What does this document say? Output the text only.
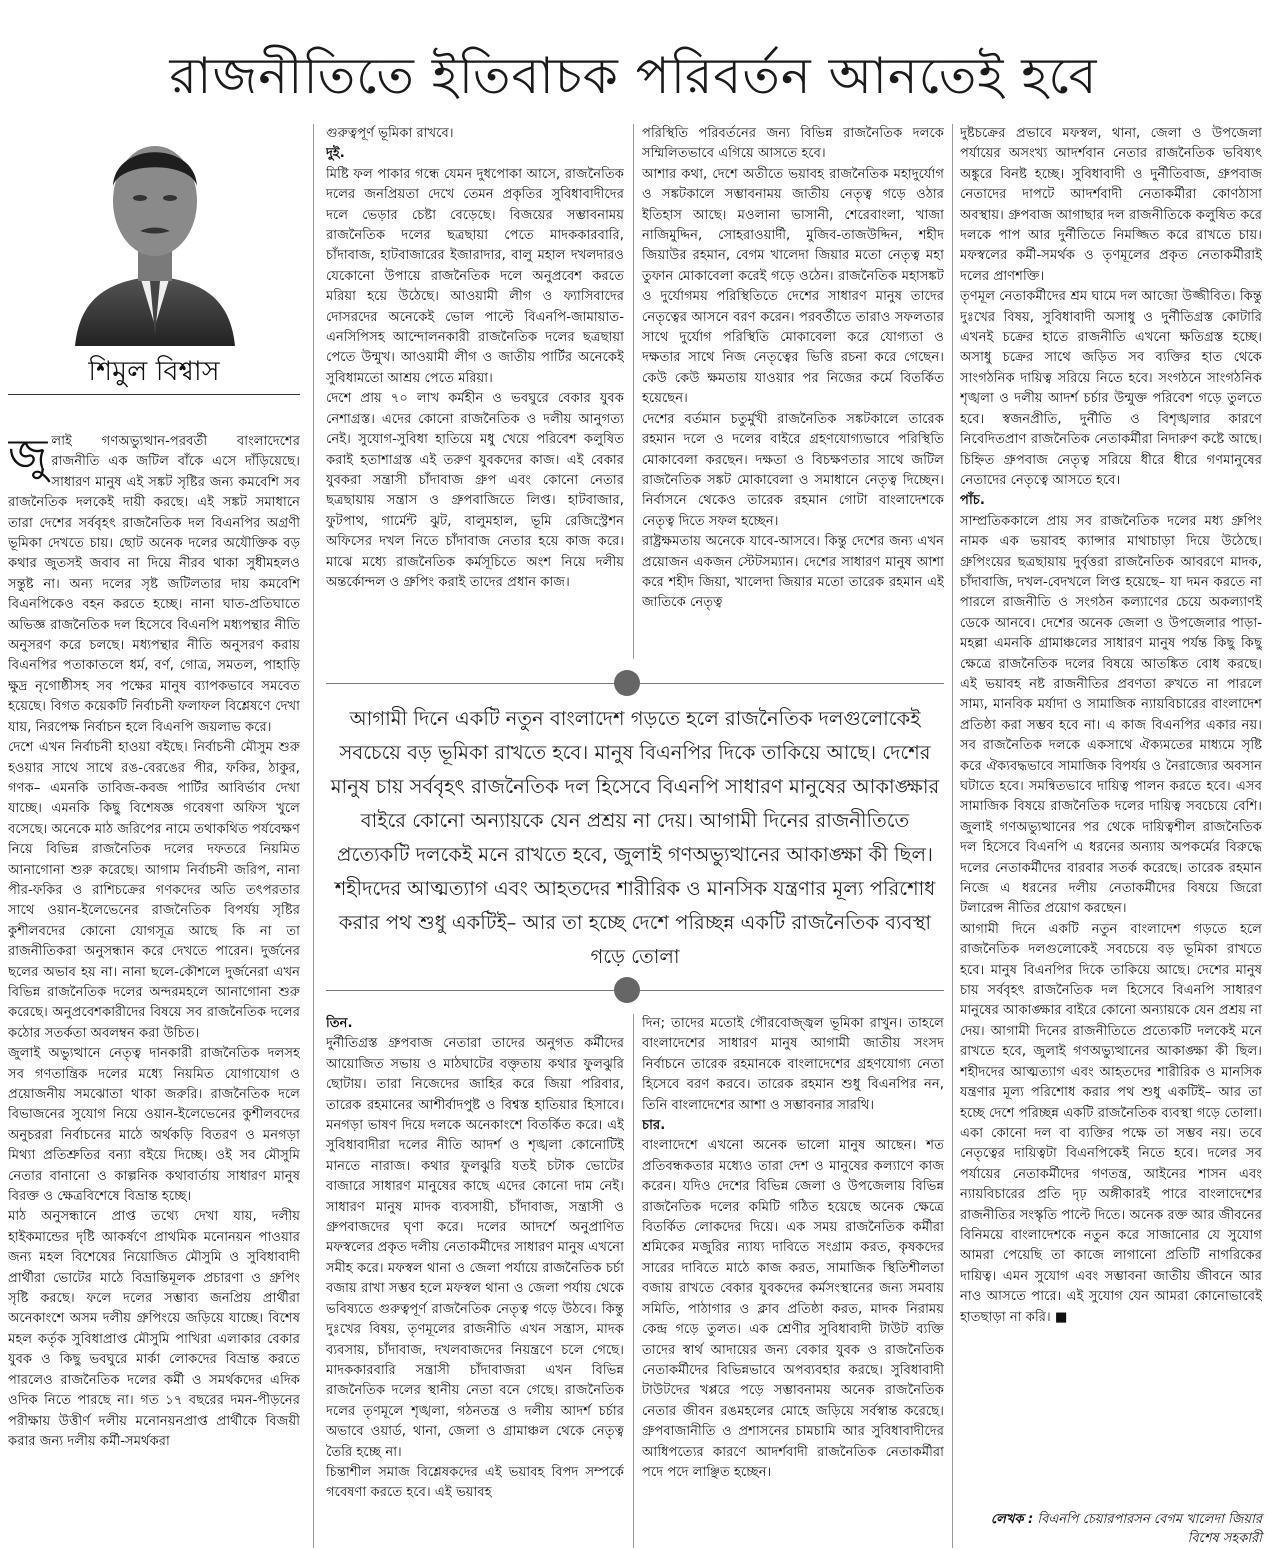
রাজনীতিতে ইতিবাচক পরিবর্তন আনতেই হবে
শিমুল বিশ্বাস

জুলাই গণঅভ্যুত্থান-পরবর্তী বাংলাদেশের রাজনীতি এক জটিল বাঁকে এসে দাঁড়িয়েছে। সাধারণ মানুষ এই সঙ্কট সৃষ্টির জন্য কমবেশি সব রাজনৈতিক দলকেই দায়ী করছে। এই সঙ্কট সমাধানে তারা দেশের সর্ববৃহৎ রাজনৈতিক দল বিএনপির অগ্রণী ভূমিকা দেখতে চায়। ছোট অনেক দলের অযৌক্তিক বড় কথার জুতসই জবাব না দিয়ে নীরব থাকা সুধীমহলও সন্তুষ্ট না। অন্য দলের সৃষ্ট জটিলতার দায় কমবেশি বিএনপিকেও বহন করতে হচ্ছে। নানা ঘাত-প্রতিঘাতে অভিজ্ঞ রাজনৈতিক দল হিসেবে বিএনপি মধ্যপন্থার নীতি অনুসরণ করে চলছে। মধ্যপন্থার নীতি অনুসরণ করায় বিএনপির পতাকাতলে ধর্ম, বর্ণ, গোত্র, সমতল, পাহাড়ি ক্ষুদ্র নৃগোষ্ঠীসহ সব পক্ষের মানুষ ব্যাপকভাবে সমবেত হয়েছে। বিগত কয়েকটি নির্বাচনী ফলাফল বিশ্লেষণে দেখা যায়, নিরপেক্ষ নির্বাচন হলে বিএনপি জয়লাভ করে।

দেশে এখন নির্বাচনী হাওয়া বইছে। নির্বাচনী মৌসুম শুরু হওয়ার সাথে সাথে রঙ-বেরঙের পীর, ফকির, ঠাকুর, গণক– এমনকি তাবিজ-কবজ পার্টির আবির্ভাব দেখা যাচ্ছে। এমনকি কিছু বিশেষজ্ঞ গবেষণা অফিস খুলে বসেছে। অনেকে মাঠ জরিপের নামে তথাকথিত পর্যবেক্ষণ নিয়ে বিভিন্ন রাজনৈতিক দলের দফতরে নিয়মিত আনাগোনা শুরু করেছে। আগাম নির্বাচনী জরিপ, নানা পীর-ফকির ও রাশিচক্রের গণকদের অতি তৎপরতার সাথে ওয়ান-ইলেভেনের রাজনৈতিক বিপর্যয় সৃষ্টির কুশীলবদের কোনো যোগসূত্র আছে কি না তা রাজনীতিকরা অনুসন্ধান করে দেখতে পারেন। দুর্জনের ছলের অভাব হয় না। নানা ছলে-কৌশলে দুর্জনেরা এখন বিভিন্ন রাজনৈতিক দলের অন্দরমহলে আনাগোনা শুরু করেছে। অনুপ্রবেশকারীদের বিষয়ে সব রাজনৈতিক দলের কঠোর সতর্কতা অবলম্বন করা উচিত।

জুলাই অভ্যুত্থানে নেতৃত্ব দানকারী রাজনৈতিক দলসহ সব গণতান্ত্রিক দলের মধ্যে নিয়মিত যোগাযোগ ও প্রয়োজনীয় সমঝোতা থাকা জরুরি। রাজনৈতিক দলে বিভাজনের সুযোগ নিয়ে ওয়ান-ইলেভেনের কুশীলবদের অনুচররা নির্বাচনের মাঠে অর্থকড়ি বিতরণ ও মনগড়া মিথ্যা প্রতিশ্রুতির বন্যা বইয়ে দিচ্ছে। ওই সব মৌসুমি নেতার বানানো ও কাল্পনিক কথাবার্তায় সাধারণ মানুষ বিরক্ত ও ক্ষেত্রবিশেষে বিভ্রান্ত হচ্ছে।

মাঠ অনুসন্ধানে প্রাপ্ত তথ্যে দেখা যায়, দলীয় হাইকমান্ডের দৃষ্টি আকর্ষণে প্রাথমিক মনোনয়ন পাওয়ার জন্য মহল বিশেষের নিয়োজিত মৌসুমি ও সুবিধাবাদী প্রার্থীরা ভোটের মাঠে বিভ্রান্তিমূলক প্রচারণা ও গ্রুপিং সৃষ্টি করছে। ফলে দলের সম্ভাব্য জনপ্রিয় প্রার্থীরা অনেকাংশে অসম দলীয় গ্রুপিংয়ে জড়িয়ে যাচ্ছে। বিশেষ মহল কর্তৃক সুবিধাপ্রাপ্ত মৌসুমি পাখিরা এলাকার বেকার যুবক ও কিছু ভবঘুরে মার্কা লোকদের বিভ্রান্ত করতে পারলেও রাজনৈতিক দলের কর্মী ও সমর্থকদের এদিক ওদিক নিতে পারছে না। গত ১৭ বছরের দমন-পীড়নের পরীক্ষায় উত্তীর্ণ দলীয় মনোনয়নপ্রাপ্ত প্রার্থীকে বিজয়ী করার জন্য দলীয় কর্মী-সমর্থকরা

গুরুত্বপূর্ণ ভূমিকা রাখবে।

দুই.

মিষ্টি ফল পাকার গন্ধে যেমন দুধপোকা আসে, রাজনৈতিক দলের জনপ্রিয়তা দেখে তেমন প্রকৃতির সুবিধাবাদীদের দলে ভেড়ার চেষ্টা বেড়েছে। বিজয়ের সম্ভাবনাময় রাজনৈতিক দলের ছত্রছায়া পেতে মাদককারবারি, চাঁদাবাজ, হাটবাজারের ইজারাদার, বালু মহাল দখলদারও যেকোনো উপায়ে রাজনৈতিক দলে অনুপ্রবেশ করতে মরিয়া হয়ে উঠেছে। আওয়ামী লীগ ও ফ্যাসিবাদের দোসরদের অনেকেই ভোল পাল্টে বিএনপি-জামায়াত-এনসিপিসহ আন্দোলনকারী রাজনৈতিক দলের ছত্রছায়া পেতে উন্মুখ। আওয়ামী লীগ ও জাতীয় পার্টির অনেকেই সুবিধামতো আশ্রয় পেতে মরিয়া।

দেশে প্রায় ৭০ লাখ কর্মহীন ও ভবঘুরে বেকার যুবক নেশাগ্রস্ত। এদের কোনো রাজনৈতিক ও দলীয় আনুগত্য নেই। সুযোগ-সুবিধা হাতিয়ে মধু খেয়ে পরিবেশ কলুষিত করাই হতাশাগ্রস্ত এই তরুণ যুবকদের কাজ। এই বেকার যুবকরা সন্ত্রাসী চাঁদাবাজ গ্রুপ এবং কোনো নেতার ছত্রছায়ায় সন্ত্রাস ও গ্রুপবাজিতে লিপ্ত। হাটবাজার, ফুটপাথ, গার্মেন্ট ঝুট, বালুমহাল, ভূমি রেজিস্ট্রেশন অফিসের দখল নিতে চাঁদাবাজ নেতার হয়ে কাজ করে। মাঝে মধ্যে রাজনৈতিক কর্মসূচিতে অংশ নিয়ে দলীয় অন্তর্কোন্দল ও গ্রুপিং করাই তাদের প্রধান কাজ।

পরিস্থিতি পরিবর্তনের জন্য বিভিন্ন রাজনৈতিক দলকে সম্মিলিতভাবে এগিয়ে আসতে হবে।

আশার কথা, দেশে অতীতে ভয়াবহ রাজনৈতিক মহাদুর্যোগ ও সঙ্কটকালে সম্ভাবনাময় জাতীয় নেতৃত্ব গড়ে ওঠার ইতিহাস আছে। মওলানা ভাসানী, শেরেবাংলা, খাজা নাজিমুদ্দিন, সোহরাওয়ার্দী, মুজিব-তাজউদ্দিন, শহীদ জিয়াউর রহমান, বেগম খালেদা জিয়ার মতো নেতৃত্ব মহা তুফান মোকাবেলা করেই গড়ে ওঠেন। রাজনৈতিক মহাসঙ্কট ও দুর্যোগময় পরিস্থিতিতে দেশের সাধারণ মানুষ তাদের নেতৃত্বের আসনে বরণ করেন। পরবর্তীতে তারাও সফলতার সাথে দুর্যোগ পরিস্থিতি মোকাবেলা করে যোগ্যতা ও দক্ষতার সাথে নিজ নেতৃত্বের ভিত্তি রচনা করে গেছেন। কেউ কেউ ক্ষমতায় যাওয়ার পর নিজের কর্মে বিতর্কিত হয়েছেন।

দেশের বর্তমান চতুর্মুখী রাজনৈতিক সঙ্কটকালে তারেক রহমান দলে ও দলের বাইরে গ্রহণযোগ্যভাবে পরিস্থিতি মোকাবেলা করছেন। দক্ষতা ও বিচক্ষণতার সাথে জটিল রাজনৈতিক সঙ্কট মোকাবেলা ও সমাধানে নেতৃত্ব দিচ্ছেন। নির্বাসনে থেকেও তারেক রহমান গোটা বাংলাদেশকে নেতৃত্ব দিতে সফল হচ্ছেন।

রাষ্ট্রক্ষমতায় অনেকে যাবে-আসবে। কিন্তু দেশের জন্য এখন প্রয়োজন একজন স্টেটসম্যান। দেশের সাধারণ মানুষ আশা করে শহীদ জিয়া, খালেদা জিয়ার মতো তারেক রহমান এই জাতিকে নেতৃত্ব

আগামী দিনে একটি নতুন বাংলাদেশ গড়তে হলে রাজনৈতিক দলগুলোকেই সবচেয়ে বড় ভূমিকা রাখতে হবে। মানুষ বিএনপির দিকে তাকিয়ে আছে। দেশের মানুষ চায় সর্ববৃহৎ রাজনৈতিক দল হিসেবে বিএনপি সাধারণ মানুষের আকাঙ্ক্ষার বাইরে কোনো অন্যায়কে যেন প্রশ্রয় না দেয়। আগামী দিনের রাজনীতিতে প্রত্যেকটি দলকেই মনে রাখতে হবে, জুলাই গণঅভ্যুত্থানের আকাঙ্ক্ষা কী ছিল। শহীদদের আত্মত্যাগ এবং আহতদের শারীরিক ও মানসিক যন্ত্রণার মূল্য পরিশোধ করার পথ শুধু একটিই– আর তা হচ্ছে দেশে পরিচ্ছন্ন একটি রাজনৈতিক ব্যবস্থা গড়ে তোলা

তিন.

দুর্নীতিগ্রস্ত গ্রুপবাজ নেতারা তাদের অনুগত কর্মীদের আয়োজিত সভায় ও মাঠঘাটের বক্তৃতায় কথার ফুলঝুরি ছোটায়। তারা নিজেদের জাহির করে জিয়া পরিবার, তারেক রহমানের আশীর্বাদপুষ্ট ও বিশ্বস্ত হাতিয়ার হিসাবে। মনগড়া ভাষণ দিয়ে দলকে অনেকাংশে বিতর্কিত করে। এই সুবিধাবাদীরা দলের নীতি আদর্শ ও শৃঙ্খলা কোনোটিই মানতে নারাজ। কথার ফুলঝুরি যতই চটাক ভোটের বাজারে সাধারণ মানুষের কাছে এদের কোনো দাম নেই। সাধারণ মানুষ মাদক ব্যবসায়ী, চাঁদাবাজ, সন্ত্রাসী ও গ্রুপবাজদের ঘৃণা করে। দলের আদর্শে অনুপ্রাণিত মফস্বলের প্রকৃত দলীয় নেতাকর্মীদের সাধারণ মানুষ এখনো সমীহ করে। মফস্বল থানা ও জেলা পর্যায়ে রাজনৈতিক চর্চা বজায় রাখা সম্ভব হলে মফস্বল থানা ও জেলা পর্যায় থেকে ভবিষ্যতে গুরুত্বপূর্ণ রাজনৈতিক নেতৃত্ব গড়ে উঠবে। কিন্তু দুঃখের বিষয়, তৃণমূলের রাজনীতি এখন সন্ত্রাস, মাদক ব্যবসায়, চাঁদাবাজ, দখলবাজদের নিয়ন্ত্রণে চলে গেছে। মাদককারবারি সন্ত্রাসী চাঁদাবাজরা এখন বিভিন্ন রাজনৈতিক দলের স্থানীয় নেতা বনে গেছে। রাজনৈতিক দলের তৃণমূলে শৃঙ্খলা, গঠনতন্ত্র ও দলীয় আদর্শ চর্চার অভাবে ওয়ার্ড, থানা, জেলা ও গ্রামাঞ্চল থেকে নেতৃত্ব তৈরি হচ্ছে না।

চিন্তাশীল সমাজ বিশ্লেষকদের এই ভয়াবহ বিপদ সম্পর্কে গবেষণা করতে হবে। এই ভয়াবহ

দিন; তাদের মতোই গৌরবোজ্জ্বল ভূমিকা রাখুন। তাহলে বাংলাদেশের সাধারণ মানুষ আগামী জাতীয় সংসদ নির্বাচনে তারেক রহমানকে বাংলাদেশের গ্রহণযোগ্য নেতা হিসেবে বরণ করবে। তারেক রহমান শুধু বিএনপির নন, তিনি বাংলাদেশের আশা ও সম্ভাবনার সারথি।

চার.

বাংলাদেশে এখনো অনেক ভালো মানুষ আছেন। শত প্রতিবন্ধকতার মধ্যেও তারা দেশ ও মানুষের কল্যাণে কাজ করেন। যদিও দেশের বিভিন্ন জেলা ও উপজেলায় বিভিন্ন রাজনৈতিক দলের কমিটি গঠিত হয়েছে অনেক ক্ষেত্রে বিতর্কিত লোকদের দিয়ে। এক সময় রাজনৈতিক কর্মীরা শ্রমিকের মজুরির ন্যায্য দাবিতে সংগ্রাম করত, কৃষকদের সারের দাবিতে মাঠে কাজ করত, সামাজিক স্থিতিশীলতা বজায় রাখতে বেকার যুবকদের কর্মসংস্থানের জন্য সমবায় সমিতি, পাঠাগার ও ক্লাব প্রতিষ্ঠা করত, মাদক নিরাময় কেন্দ্র গড়ে তুলত। এক শ্রেণীর সুবিধাবাদী টাউট ব্যক্তি তাদের স্বার্থ আদায়ের জন্য বেকার যুবক ও রাজনৈতিক নেতাকর্মীদের বিভিন্নভাবে অপব্যবহার করছে। সুবিধাবাদী টাউটদের খপ্পরে পড়ে সম্ভাবনাময় অনেক রাজনৈতিক নেতার জীবন রঙমহলের মোহে জড়িয়ে সর্বস্বান্ত করেছে। গ্রুপবাজানীতি ও প্রশাসনের চামচামি আর সুবিধাবাদীদের আধিপত্যের কারণে আদর্শবাদী রাজনৈতিক নেতাকর্মীরা পদে পদে লাঞ্ছিত হচ্ছেন।

দুষ্টচক্রের প্রভাবে মফস্বল, থানা, জেলা ও উপজেলা পর্যায়ের অসংখ্য আদর্শবান নেতার রাজনৈতিক ভবিষ্যৎ অঙ্কুরে বিনষ্ট হচ্ছে। সুবিধাবাদী ও দুর্নীতিবাজ, গ্রুপবাজ নেতাদের দাপটে আদর্শবাদী নেতাকর্মীরা কোণঠাসা অবস্থায়। গ্রুপবাজ আগাছার দল রাজনীতিকে কলুষিত করে দলকে পাপ আর দুর্নীতিতে নিমজ্জিত করে রাখতে চায়। মফস্বলের কর্মী-সমর্থক ও তৃণমূলের প্রকৃত নেতাকর্মীরাই দলের প্রাণশক্তি।

তৃণমূল নেতাকর্মীদের শ্রম ঘামে দল আজো উজ্জীবিত। কিন্তু দুঃখের বিষয়, সুবিধাবাদী অসাধু ও দুর্নীতিগ্রস্ত কোটারি এখনই চক্রের হাতে রাজনীতি এখনো ক্ষতিগ্রস্ত হচ্ছে। অসাধু চক্রের সাথে জড়িত সব ব্যক্তির হাত থেকে সাংগঠনিক দায়িত্ব সরিয়ে নিতে হবে। সংগঠনে সাংগঠনিক শৃঙ্খলা ও দলীয় আদর্শ চর্চার উন্মুক্ত পরিবেশ গড়ে তুলতে হবে। স্বজনপ্রীতি, দুর্নীতি ও বিশৃঙ্খলার কারণে নিবেদিতপ্রাণ রাজনৈতিক নেতাকর্মীরা নিদারুণ কষ্টে আছে। চিহ্নিত গ্রুপবাজ নেতৃত্ব সরিয়ে ধীরে ধীরে গণমানুষের নেতাদের নেতৃত্বে আসতে হবে।

পাঁচ.

সাম্প্রতিককালে প্রায় সব রাজনৈতিক দলের মধ্য গ্রুপিং নামক এক ভয়াবহ ক্যান্সার মাথাচাড়া দিয়ে উঠেছে। গ্রুপিংয়ের ছত্রছায়ায় দুর্বৃত্তরা রাজনৈতিক আবরণে মাদক, চাঁদাবাজি, দখল-বেদখলে লিপ্ত হয়েছে– যা দমন করতে না পারলে রাজনীতি ও সংগঠন কল্যাণের চেয়ে অকল্যাণই ডেকে আনবে। দেশের অনেক জেলা ও উপজেলার পাড়া-মহল্লা এমনকি গ্রামাঞ্চলের সাধারণ মানুষ পর্যন্ত কিছু কিছু ক্ষেত্রে রাজনৈতিক দলের বিষয়ে আতঙ্কিত বোধ করছে। এই ভয়াবহ নষ্ট রাজনীতির প্রবণতা রুখতে না পারলে সাম্য, মানবিক মর্যাদা ও সামাজিক ন্যায়বিচারের বাংলাদেশ প্রতিষ্ঠা করা সম্ভব হবে না। এ কাজ বিএনপির একার নয়। সব রাজনৈতিক দলকে একসাথে ঐক্যমতের মাধ্যমে সৃষ্টি করে ঐক্যবদ্ধভাবে সামাজিক বিপর্যয় ও নৈরাজ্যের অবসান ঘটাতে হবে। সমন্বিতভাবে দায়িত্ব পালন করতে হবে। এসব সামাজিক বিষয়ে রাজনৈতিক দলের দায়িত্ব সবচেয়ে বেশি। জুলাই গণঅভ্যুত্থানের পর থেকে দায়িত্বশীল রাজনৈতিক দল হিসেবে বিএনপি এ ধরনের অন্যায় অপকর্মের বিরুদ্ধে দলের নেতাকর্মীদের বারবার সতর্ক করেছে। তারেক রহমান নিজে এ ধরনের দলীয় নেতাকর্মীদের বিষয়ে জিরো টলারেন্স নীতির প্রয়োগ করছেন।

আগামী দিনে একটি নতুন বাংলাদেশ গড়তে হলে রাজনৈতিক দলগুলোকেই সবচেয়ে বড় ভূমিকা রাখতে হবে। মানুষ বিএনপির দিকে তাকিয়ে আছে। দেশের মানুষ চায় সর্ববৃহৎ রাজনৈতিক দল হিসেবে বিএনপি সাধারণ মানুষের আকাঙ্ক্ষার বাইরে কোনো অন্যায়কে যেন প্রশ্রয় না দেয়। আগামী দিনের রাজনীতিতে প্রত্যেকটি দলকেই মনে রাখতে হবে, জুলাই গণঅভ্যুত্থানের আকাঙ্ক্ষা কী ছিল। শহীদদের আত্মত্যাগ এবং আহতদের শারীরিক ও মানসিক যন্ত্রণার মূল্য পরিশোধ করার পথ শুধু একটিই– আর তা হচ্ছে দেশে পরিচ্ছন্ন একটি রাজনৈতিক ব্যবস্থা গড়ে তোলা। একা কোনো দল বা ব্যক্তির পক্ষে তা সম্ভব নয়। তবে নেতৃত্বের দায়িত্বটা বিএনপিকেই নিতে হবে। দলের সব পর্যায়ের নেতাকর্মীদের গণতন্ত্র, আইনের শাসন এবং ন্যায়বিচারের প্রতি দৃঢ় অঙ্গীকারই পারে বাংলাদেশের রাজনীতির সংস্কৃতি পাল্টে দিতে। অনেক রক্ত আর জীবনের বিনিময়ে বাংলাদেশকে নতুন করে সাজানোর যে সুযোগ আমরা পেয়েছি তা কাজে লাগানো প্রতিটি নাগরিকের দায়িত্ব। এমন সুযোগ এবং সম্ভাবনা জাতীয় জীবনে আর নাও আসতে পারে। এই সুযোগ যেন আমরা কোনোভাবেই হাতছাড়া না করি। ■

লেখক : বিএনপি চেয়ারপারসন বেগম খালেদা জিয়ার বিশেষ সহকারী
